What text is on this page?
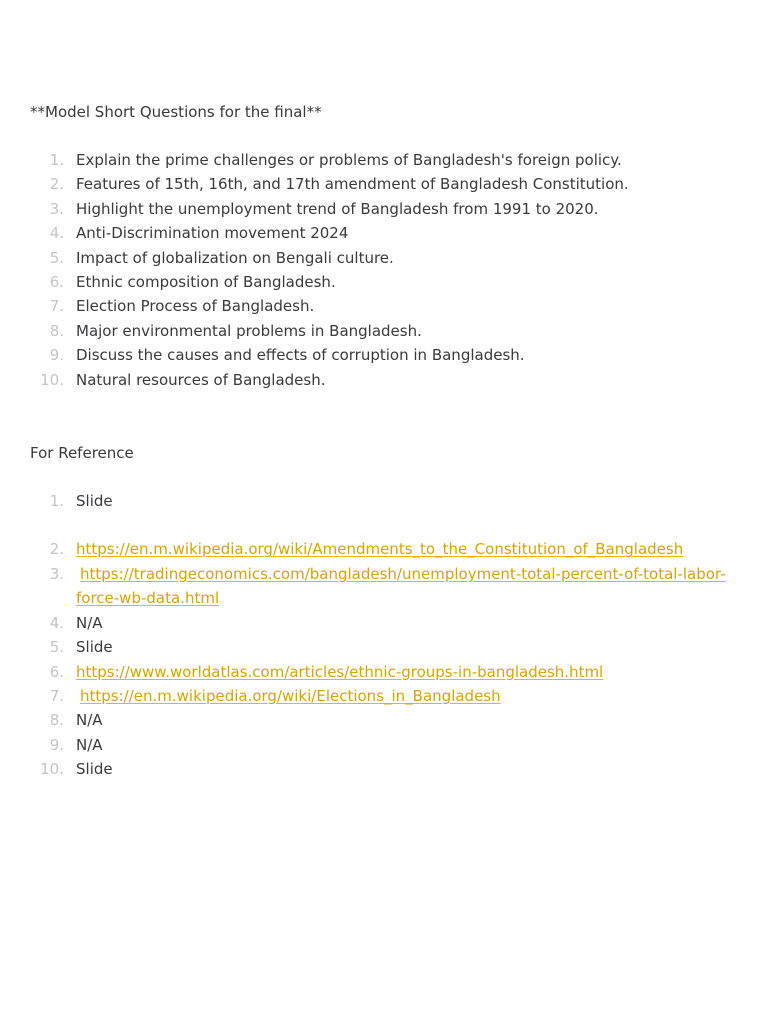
**Model Short Questions for the final**

1. Explain the prime challenges or problems of Bangladesh's foreign policy.
2. Features of 15th, 16th, and 17th amendment of Bangladesh Constitution.
3. Highlight the unemployment trend of Bangladesh from 1991 to 2020.
4. Anti-Discrimination movement 2024
5. Impact of globalization on Bengali culture.
6. Ethnic composition of Bangladesh.
7. Election Process of Bangladesh.
8. Major environmental problems in Bangladesh.
9. Discuss the causes and effects of corruption in Bangladesh.
10. Natural resources of Bangladesh.

For Reference

1. Slide
2. https://en.m.wikipedia.org/wiki/Amendments_to_the_Constitution_of_Bangladesh
3. https://tradingeconomics.com/bangladesh/unemployment-total-percent-of-total-labor-force-wb-data.html
4. N/A
5. Slide
6. https://www.worldatlas.com/articles/ethnic-groups-in-bangladesh.html
7. https://en.m.wikipedia.org/wiki/Elections_in_Bangladesh
8. N/A
9. N/A
10. Slide
